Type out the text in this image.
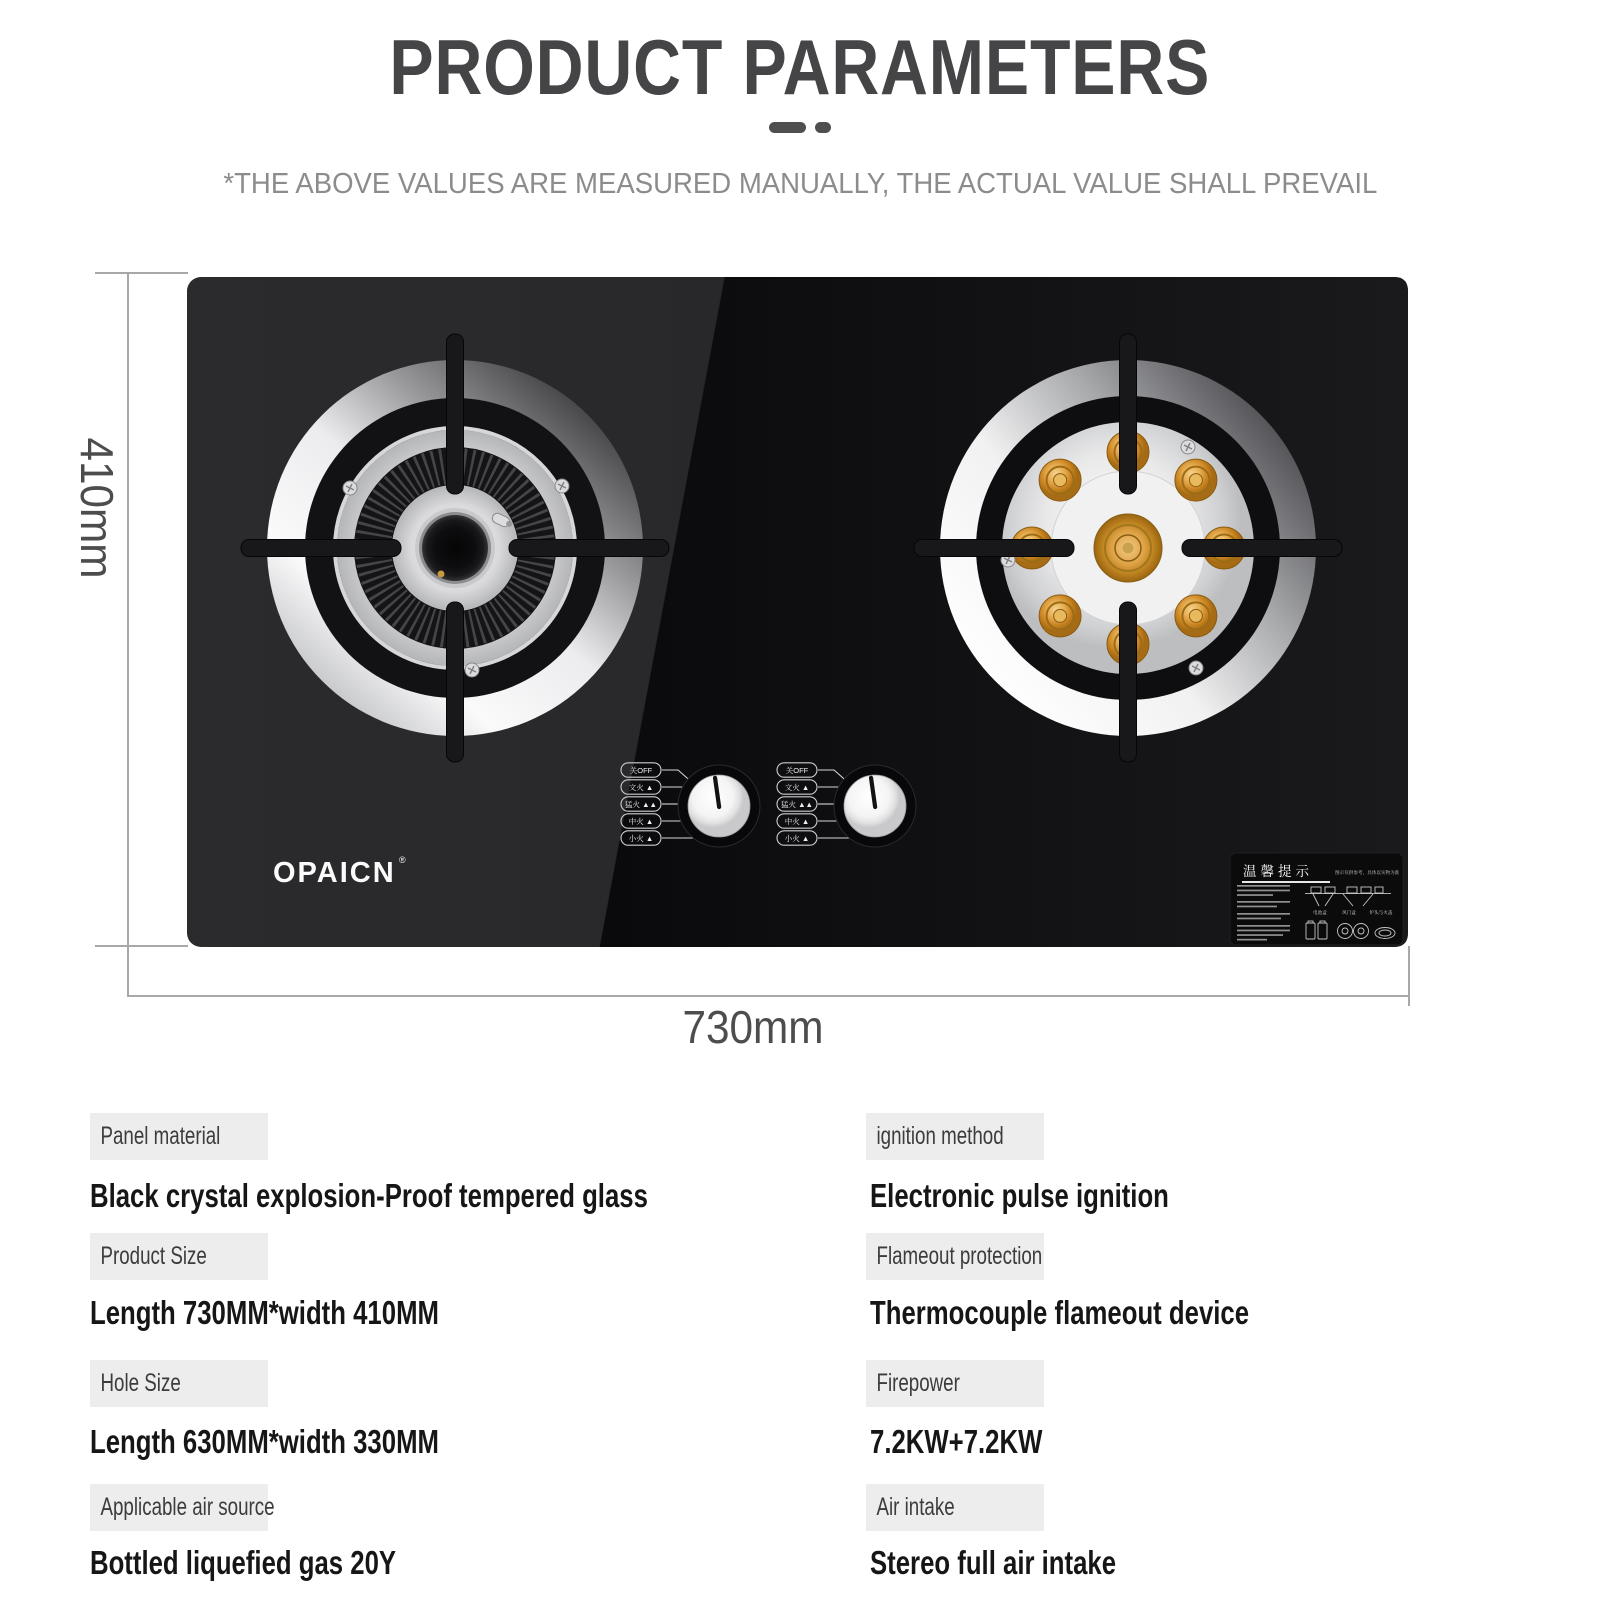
PRODUCT PARAMETERS
*THE ABOVE VALUES ARE MEASURED MANUALLY, THE ACTUAL VALUE SHALL PREVAIL
410mm
730mm
关OFF
文火 ▲
猛火 ▲▲
中火 ▲
小火 ▲
关OFF
文火 ▲
猛火 ▲▲
中火 ▲
小火 ▲
OPAICN ®
温馨提示	图示仅供参考，具体以实物为准
电池盒	风门盒	炉头与火盖
Panel material
Black crystal explosion-Proof tempered glass
ignition method
Electronic pulse ignition
Product Size
Length 730MM*width 410MM
Flameout protection
Thermocouple flameout device
Hole Size
Length 630MM*width 330MM
Firepower
7.2KW+7.2KW
Applicable air source
Bottled liquefied gas 20Y
Air intake
Stereo full air intake
